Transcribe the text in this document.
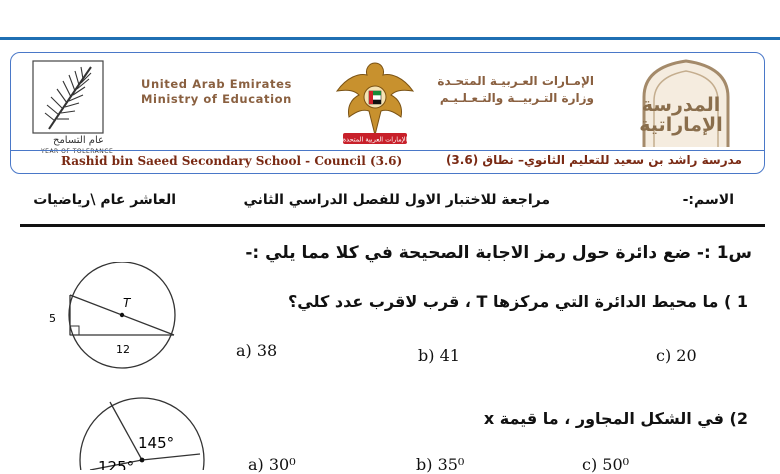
عام التسامح
YEAR OF TOLERANCE
United Arab Emirates
Ministry of Education
الإمارات العربية المتحدة
الإمـارات العـربيـة المتحـدة
وزارة التـربيــة والتـعـلـيـم	المدرسة
الإماراتية
Rashid bin Saeed Secondary School - Council (3.6)	مدرسة راشد بن سعيد للتعليم الثانوي– نطاق (3.6)
الاسم:-
مراجعة للاختبار الاول للفصل الدراسي الثاني
العاشر عام \رياضيات
س1 :- ضع دائرة حول رمز الاجابة الصحيحة في كلا مما يلي :-
1 ) ما محيط الدائرة التي مركزها T ، قرب لاقرب عدد كلي؟
T
5
12	a) 38	b) 41	c) 20
2) في الشكل المجاور ، ما قيمة x
145°
125°	a) 30⁰	b) 35⁰	c) 50⁰
